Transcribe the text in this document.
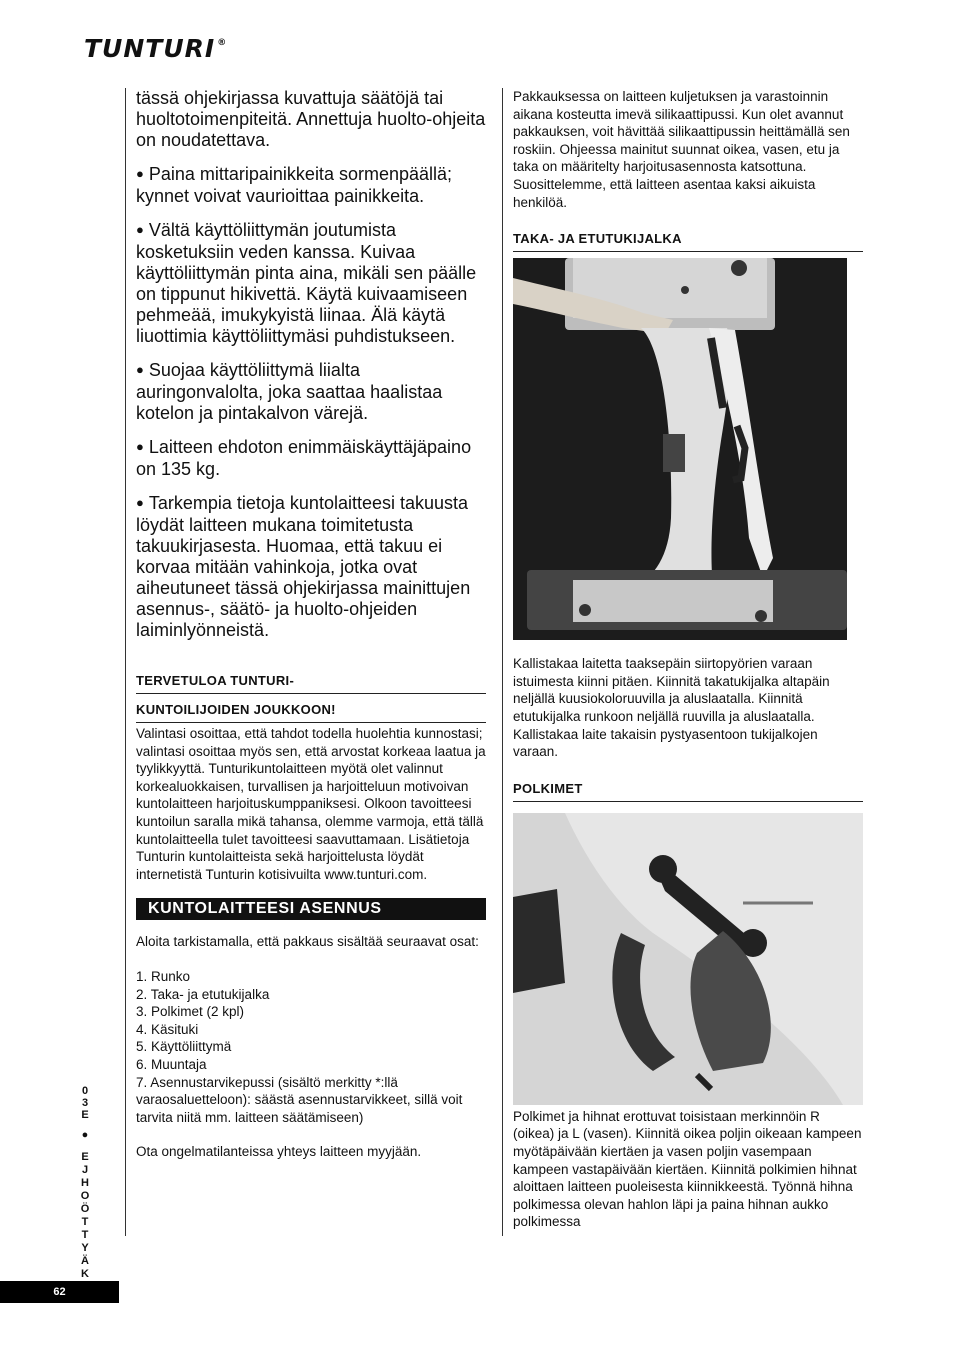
TUNTURI ®

tässä ohjekirjassa kuvattuja säätöjä tai huoltotoimenpiteitä. Annettuja huolto-ohjeita on noudatettava.

● Paina mittaripainikkeita sormenpäällä; kynnet voivat vaurioittaa painikkeita.

● Vältä käyttöliittymän joutumista kosketuksiin veden kanssa. Kuivaa käyttöliittymän pinta aina, mikäli sen päälle on tippunut hikivettä. Käytä kuivaamiseen pehmeää, imukykyistä liinaa. Älä käytä liuottimia käyttöliittymäsi puhdistukseen.

● Suojaa käyttöliittymä liialta auringonvalolta, joka saattaa haalistaa kotelon ja pintakalvon värejä.

● Laitteen ehdoton enimmäiskäyttäjäpaino on 135 kg.

● Tarkempia tietoja kuntolaitteesi takuusta löydät laitteen mukana toimitetusta takuukirjasesta. Huomaa, että takuu ei korvaa mitään vahinkoja, jotka ovat aiheutuneet tässä ohjekirjassa mainittujen asennus-, säätö- ja huolto-ohjeiden laiminlyönneistä.

TERVETULOA TUNTURI-

KUNTOILIJOIDEN JOUKKOON!

Valintasi osoittaa, että tahdot todella huolehtia kunnostasi; valintasi osoittaa myös sen, että arvostat korkeaa laatua ja tyylikkyyttä. Tunturikuntolaitteen myötä olet valinnut korkealuokkaisen, turvallisen ja harjoitteluun motivoivan kuntolaitteen harjoituskumppaniksesi. Olkoon tavoitteesi kuntoilun saralla mikä tahansa, olemme varmoja, että tällä kuntolaitteella tulet tavoitteesi saavuttamaan. Lisätietoja Tunturin kuntolaitteista sekä harjoittelusta löydät internetistä Tunturin kotisivuilta www.tunturi.com.

KUNTOLAITTEESI ASENNUS

Aloita tarkistamalla, että pakkaus sisältää seuraavat osat:

1. Runko
2. Taka- ja etutukijalka
3. Polkimet (2 kpl)
4. Käsituki
5. Käyttöliittymä
6. Muuntaja
7. Asennustarvikepussi (sisältö merkitty *:llä varaosaluetteloon): säästä asennustarvikkeet, sillä voit tarvita niitä mm. laitteen säätämiseen)

Ota ongelmatilanteissa yhteys laitteen myyjään.

Pakkauksessa on laitteen kuljetuksen ja varastoinnin aikana kosteutta imevä silikaattipussi. Kun olet avannut pakkauksen, voit hävittää silikaattipussin heittämällä sen roskiin. Ohjeessa mainitut suunnat oikea, vasen, etu ja taka on määritelty harjoitusasennosta katsottuna. Suosittelemme, että laitteen asentaa kaksi aikuista henkilöä.

TAKA- JA ETUTUKIJALKA

Kallistakaa laitetta taaksepäin siirtopyörien varaan istuimesta kiinni pitäen. Kiinnitä takatukijalka altapäin neljällä kuusiokoloruuvilla ja aluslaatalla. Kiinnitä etutukijalka runkoon neljällä ruuvilla ja aluslaatalla. Kallistakaa laite takaisin pystyasentoon tukijalkojen varaan.

POLKIMET

Polkimet ja hihnat erottuvat toisistaan merkinnöin R (oikea) ja L (vasen). Kiinnitä oikea poljin oikeaan kampeen myötäpäivään kiertäen ja vasen poljin vasempaan kampeen vastapäivään kiertäen. Kiinnitä polkimien hihnat aloittaen laitteen puoleisesta kiinnikkeestä. Työnnä hihna polkimessa olevan hahlon läpi ja paina hihnan aukko polkimessa

0
3
E
●
E
J
H
O
Ö
T
T
Y
Ä
K
62
